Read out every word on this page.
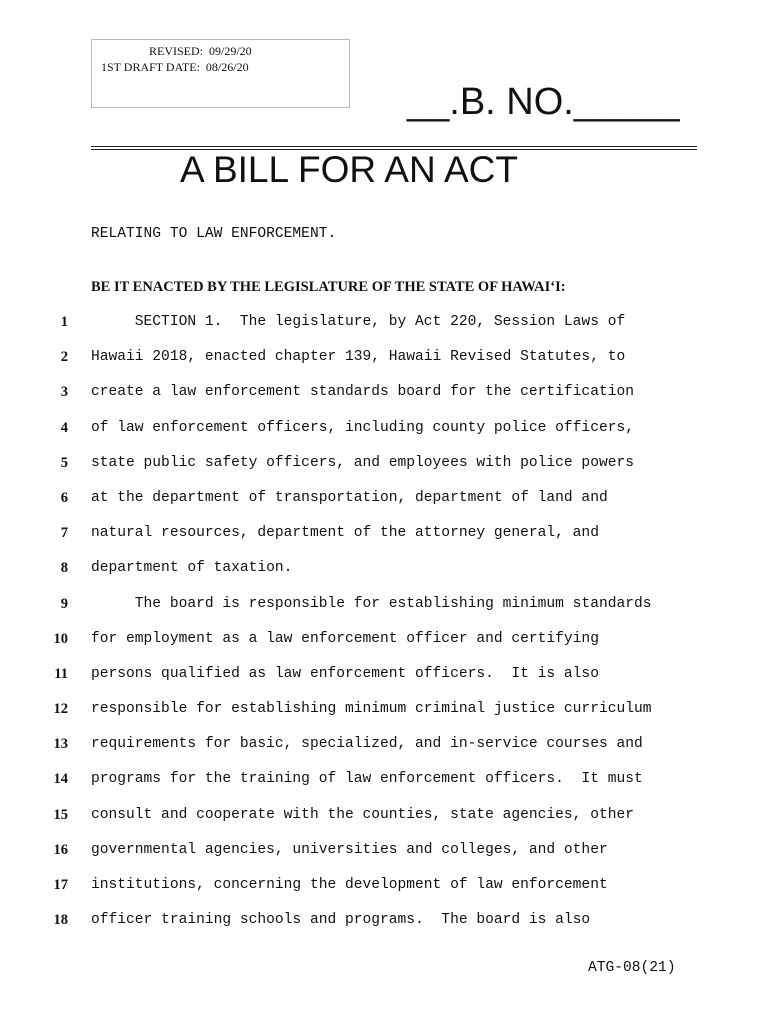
REVISED:  09/29/20
1ST DRAFT DATE:  08/26/20
__.B. NO._____
A BILL FOR AN ACT
RELATING TO LAW ENFORCEMENT.
BE IT ENACTED BY THE LEGISLATURE OF THE STATE OF HAWAI‘I:
1 SECTION 1.  The legislature, by Act 220, Session Laws of
2 Hawaii 2018, enacted chapter 139, Hawaii Revised Statutes, to
3 create a law enforcement standards board for the certification
4 of law enforcement officers, including county police officers,
5 state public safety officers, and employees with police powers
6 at the department of transportation, department of land and
7 natural resources, department of the attorney general, and
8 department of taxation.
9 The board is responsible for establishing minimum standards
10 for employment as a law enforcement officer and certifying
11 persons qualified as law enforcement officers.  It is also
12 responsible for establishing minimum criminal justice curriculum
13 requirements for basic, specialized, and in-service courses and
14 programs for the training of law enforcement officers.  It must
15 consult and cooperate with the counties, state agencies, other
16 governmental agencies, universities and colleges, and other
17 institutions, concerning the development of law enforcement
18 officer training schools and programs.  The board is also
ATG-08(21)
